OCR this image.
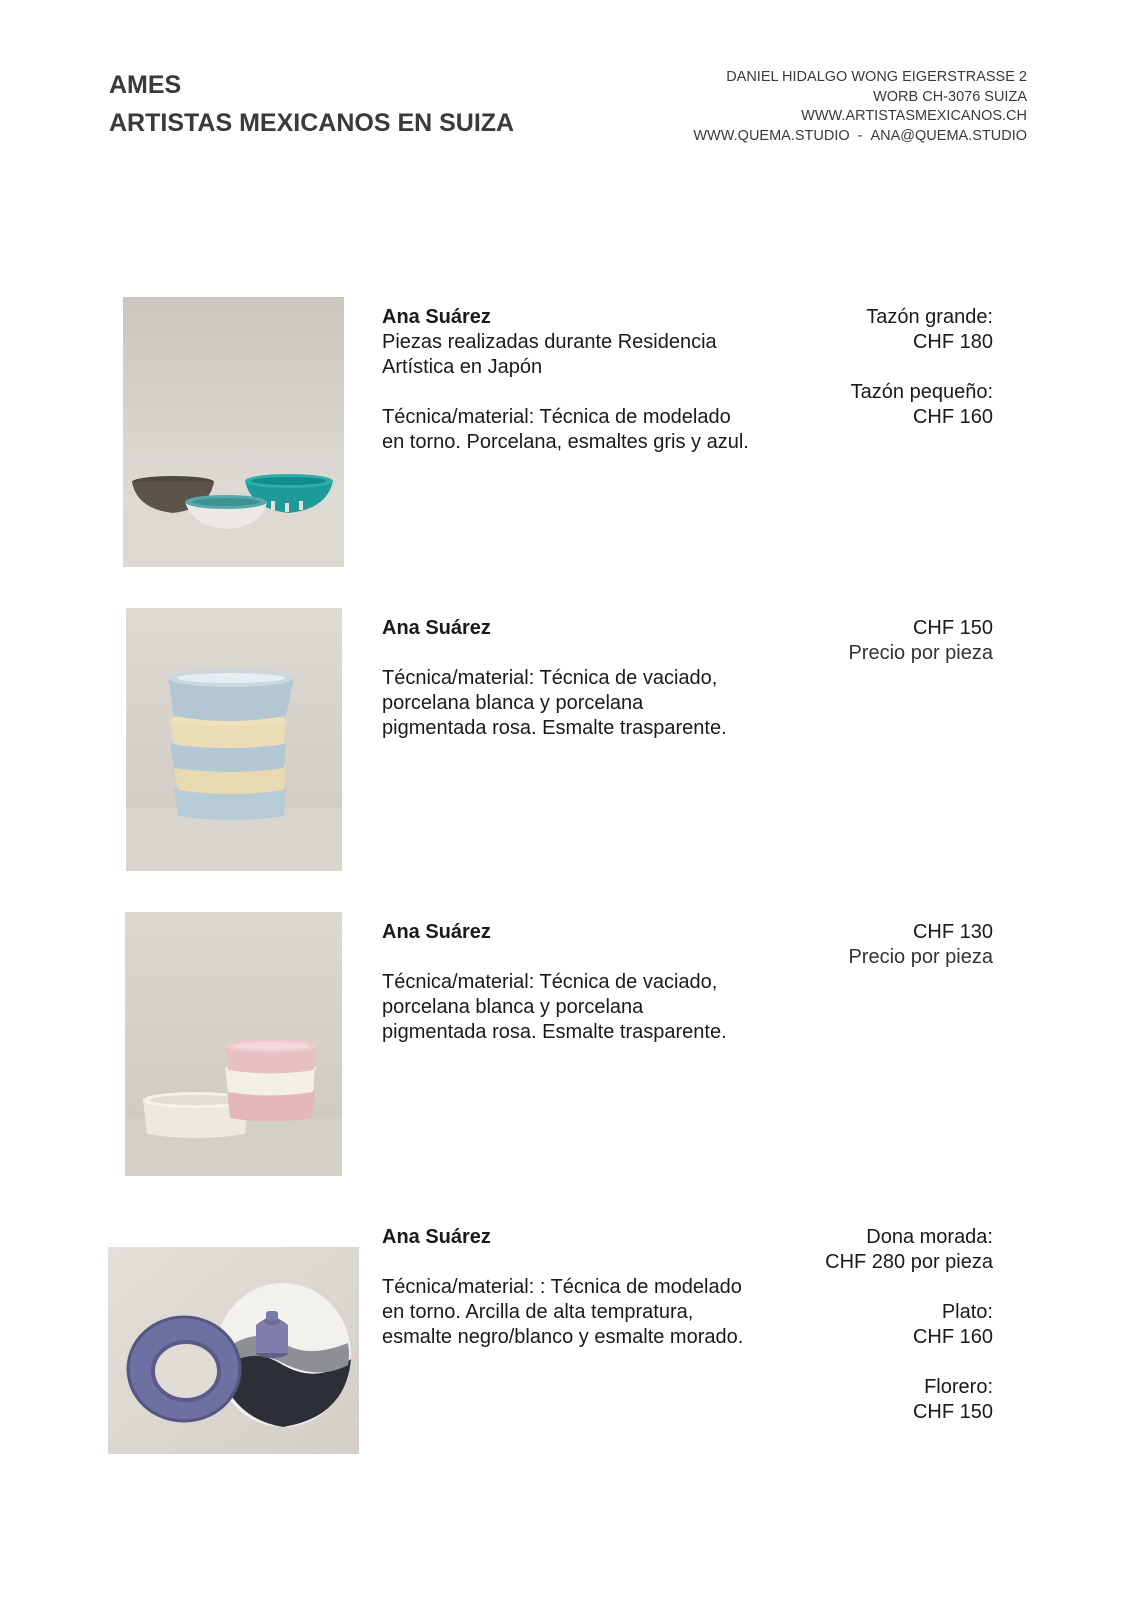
AMES
ARTISTAS MEXICANOS EN SUIZA
DANIEL HIDALGO WONG EIGERSTRASSE 2
WORB CH-3076 SUIZA
WWW.ARTISTASMEXICANOS.CH
WWW.QUEMA.STUDIO - ANA@QUEMA.STUDIO

Ana Suárez

Piezas realizadas durante Residencia

Artística en Japón

Técnica/material: Técnica de modelado

en torno. Porcelana, esmaltes gris y azul.

Tazón grande:
CHF 180
Tazón pequeño:
CHF 160

Ana Suárez

Técnica/material: Técnica de vaciado,

porcelana blanca y porcelana

pigmentada rosa. Esmalte trasparente.

CHF 150
Precio por pieza

Ana Suárez

Técnica/material: Técnica de vaciado,

porcelana blanca y porcelana

pigmentada rosa. Esmalte trasparente.

CHF 130
Precio por pieza

Ana Suárez

Técnica/material: : Técnica de modelado

en torno. Arcilla de alta tempratura,

esmalte negro/blanco y esmalte morado.

Dona morada:
CHF 280 por pieza
Plato:
CHF 160
Florero:
CHF 150
